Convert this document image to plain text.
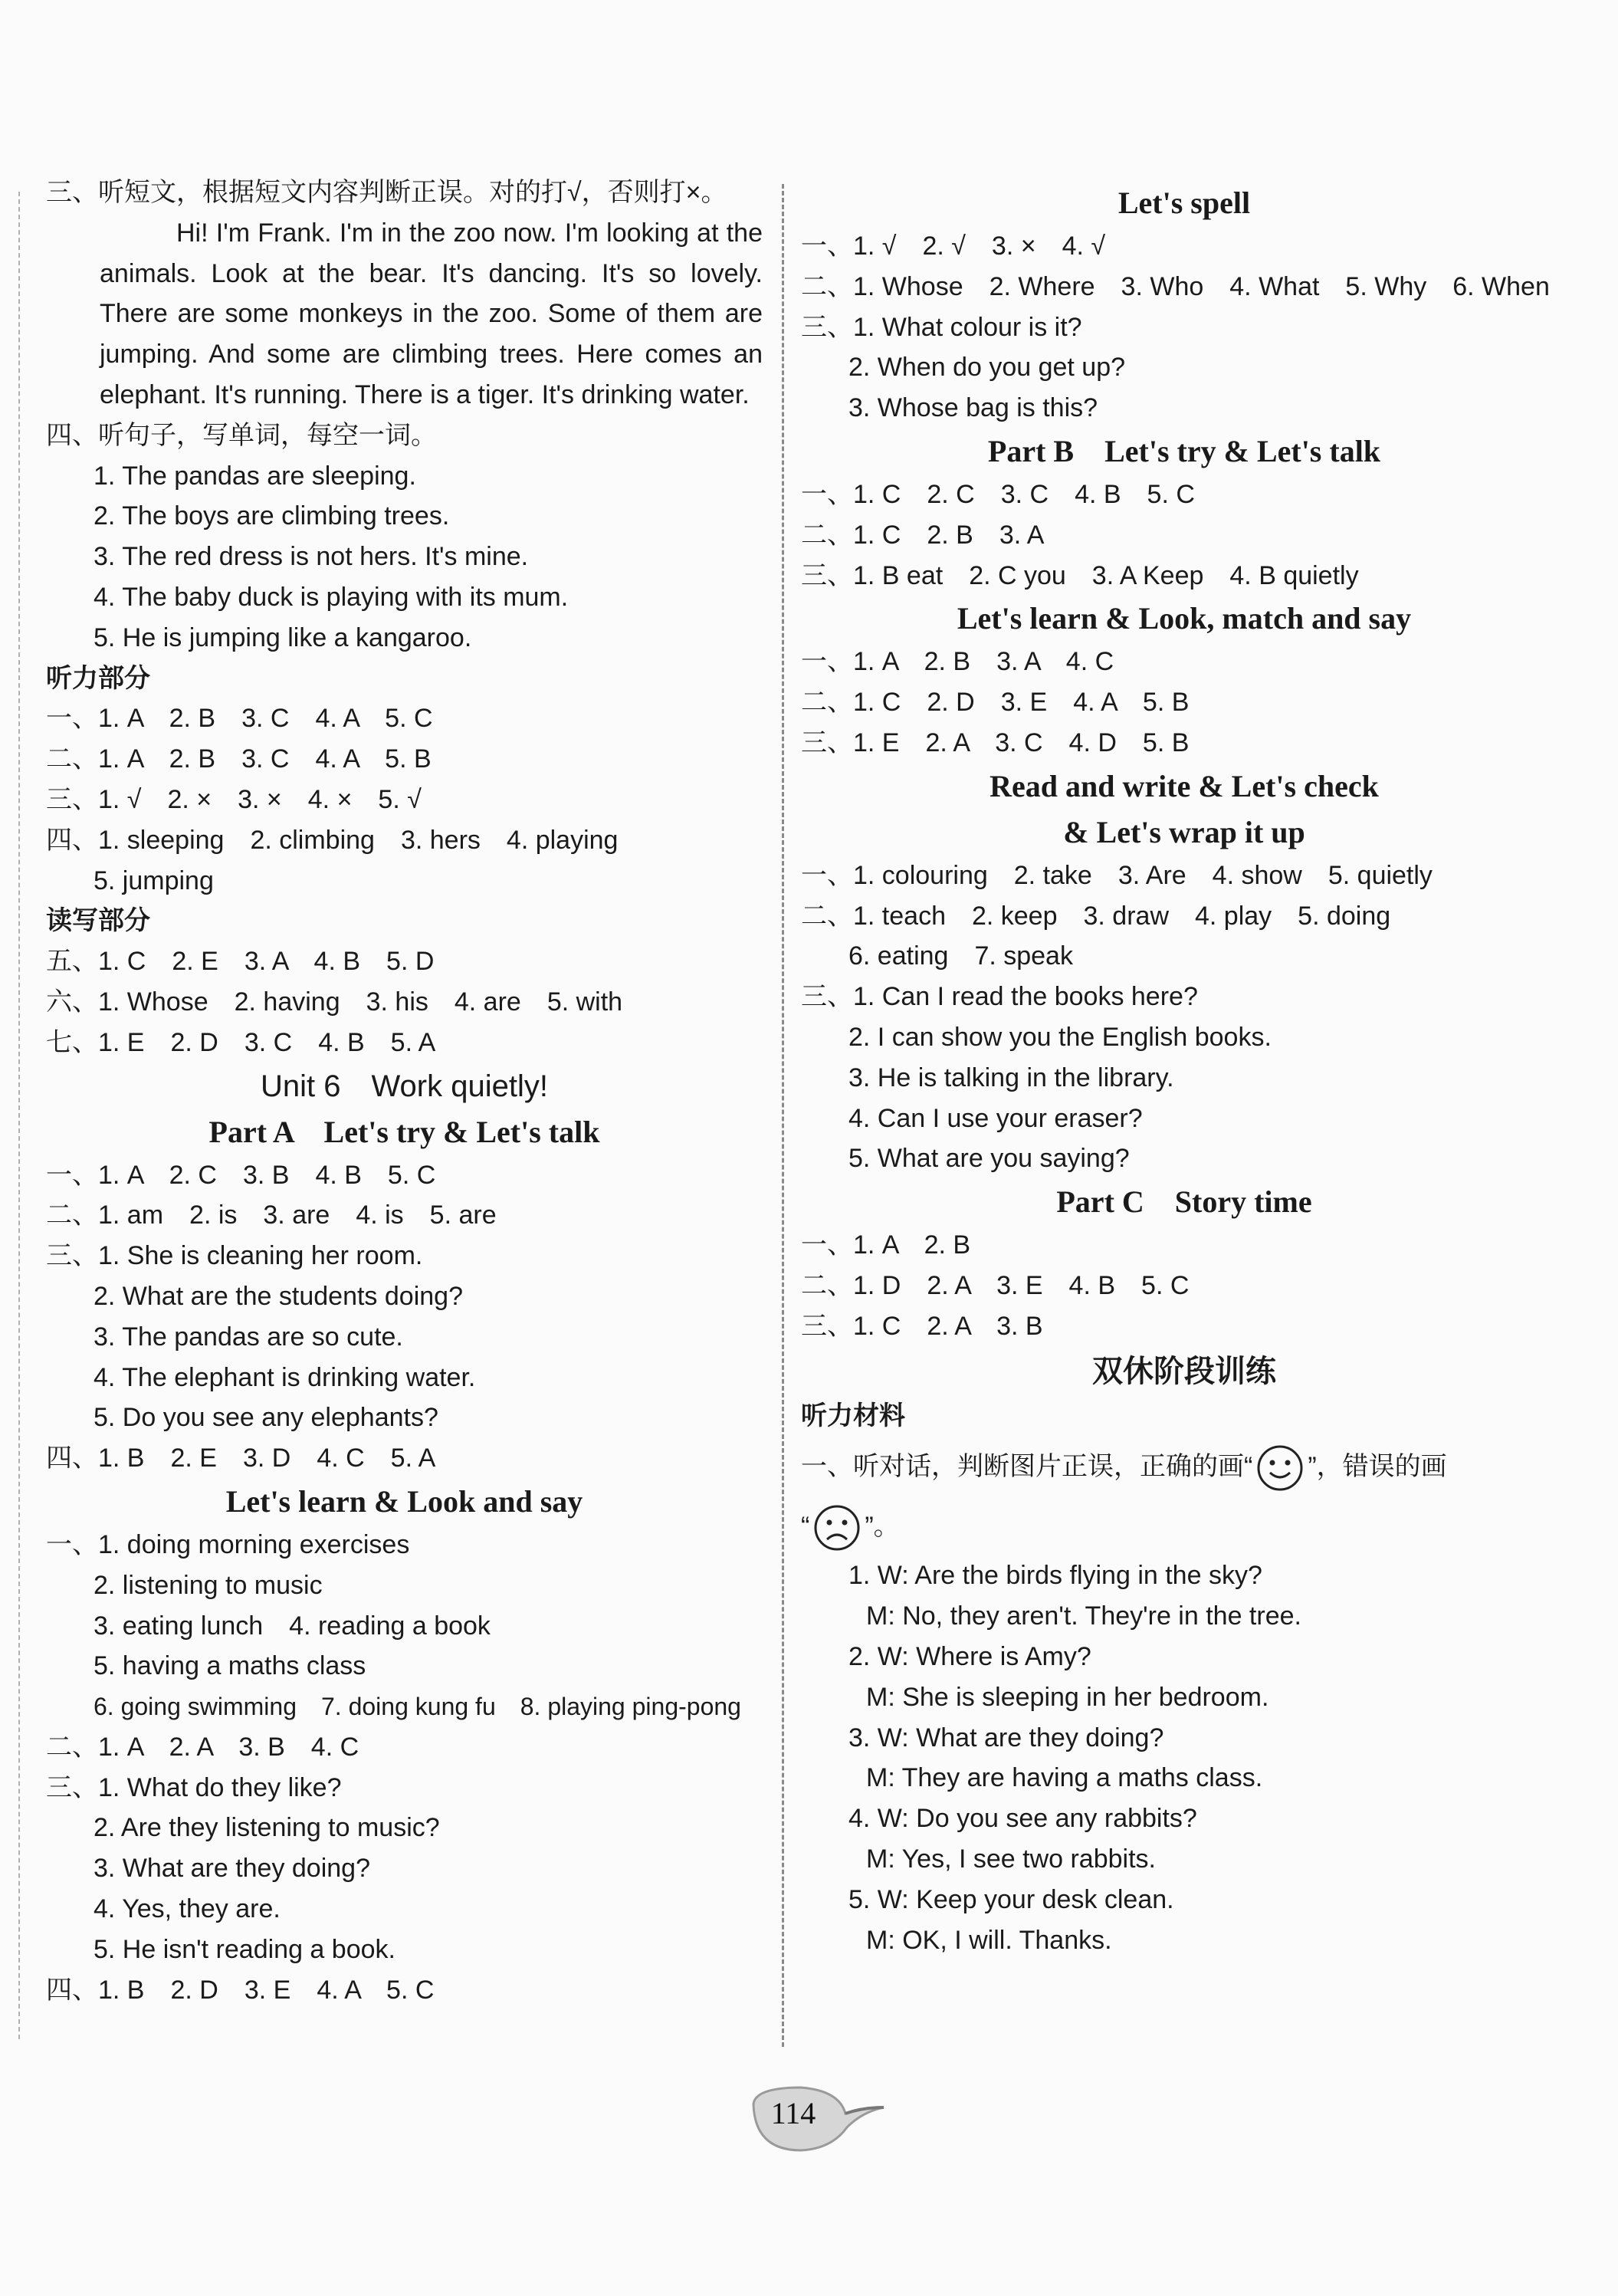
三、听短文，根据短文内容判断正误。对的打√，否则打×。
Hi! I'm Frank. I'm in the zoo now. I'm looking at the animals. Look at the bear. It's dancing. It's so lovely. There are some monkeys in the zoo. Some of them are jumping. And some are climbing trees. Here comes an elephant. It's running. There is a tiger. It's drinking water.
四、听句子，写单词，每空一词。
1. The pandas are sleeping.
2. The boys are climbing trees.
3. The red dress is not hers. It's mine.
4. The baby duck is playing with its mum.
5. He is jumping like a kangaroo.
听力部分
一、1. A　2. B　3. C　4. A　5. C
二、1. A　2. B　3. C　4. A　5. B
三、1. √　2. ×　3. ×　4. ×　5. √
四、1. sleeping　2. climbing　3. hers　4. playing
5. jumping
读写部分
五、1. C　2. E　3. A　4. B　5. D
六、1. Whose　2. having　3. his　4. are　5. with
七、1. E　2. D　3. C　4. B　5. A
Unit 6　Work quietly!
Part A　Let's try & Let's talk
一、1. A　2. C　3. B　4. B　5. C
二、1. am　2. is　3. are　4. is　5. are
三、1. She is cleaning her room.
2. What are the students doing?
3. The pandas are so cute.
4. The elephant is drinking water.
5. Do you see any elephants?
四、1. B　2. E　3. D　4. C　5. A
Let's learn & Look and say
一、1. doing morning exercises
2. listening to music
3. eating lunch　4. reading a book
5. having a maths class
6. going swimming　7. doing kung fu　8. playing ping-pong
二、1. A　2. A　3. B　4. C
三、1. What do they like?
2. Are they listening to music?
3. What are they doing?
4. Yes, they are.
5. He isn't reading a book.
四、1. B　2. D　3. E　4. A　5. C
Let's spell
一、1. √　2. √　3. ×　4. √
二、1. Whose　2. Where　3. Who　4. What　5. Why　6. When
三、1. What colour is it?
2. When do you get up?
3. Whose bag is this?
Part B　Let's try & Let's talk
一、1. C　2. C　3. C　4. B　5. C
二、1. C　2. B　3. A
三、1. B eat　2. C you　3. A Keep　4. B quietly
Let's learn & Look, match and say
一、1. A　2. B　3. A　4. C
二、1. C　2. D　3. E　4. A　5. B
三、1. E　2. A　3. C　4. D　5. B
Read and write & Let's check
& Let's wrap it up
一、1. colouring　2. take　3. Are　4. show　5. quietly
二、1. teach　2. keep　3. draw　4. play　5. doing
6. eating　7. speak
三、1. Can I read the books here?
2. I can show you the English books.
3. He is talking in the library.
4. Can I use your eraser?
5. What are you saying?
Part C　Story time
一、1. A　2. B
二、1. D　2. A　3. E　4. B　5. C
三、1. C　2. A　3. B
双休阶段训练
听力材料
一、听对话，判断图片正误，正确的画“ ”，错误的画
“ ”。
1. W: Are the birds flying in the sky?
M: No, they aren't. They're in the tree.
2. W: Where is Amy?
M: She is sleeping in her bedroom.
3. W: What are they doing?
M: They are having a maths class.
4. W: Do you see any rabbits?
M: Yes, I see two rabbits.
5. W: Keep your desk clean.
M: OK, I will. Thanks.
114
